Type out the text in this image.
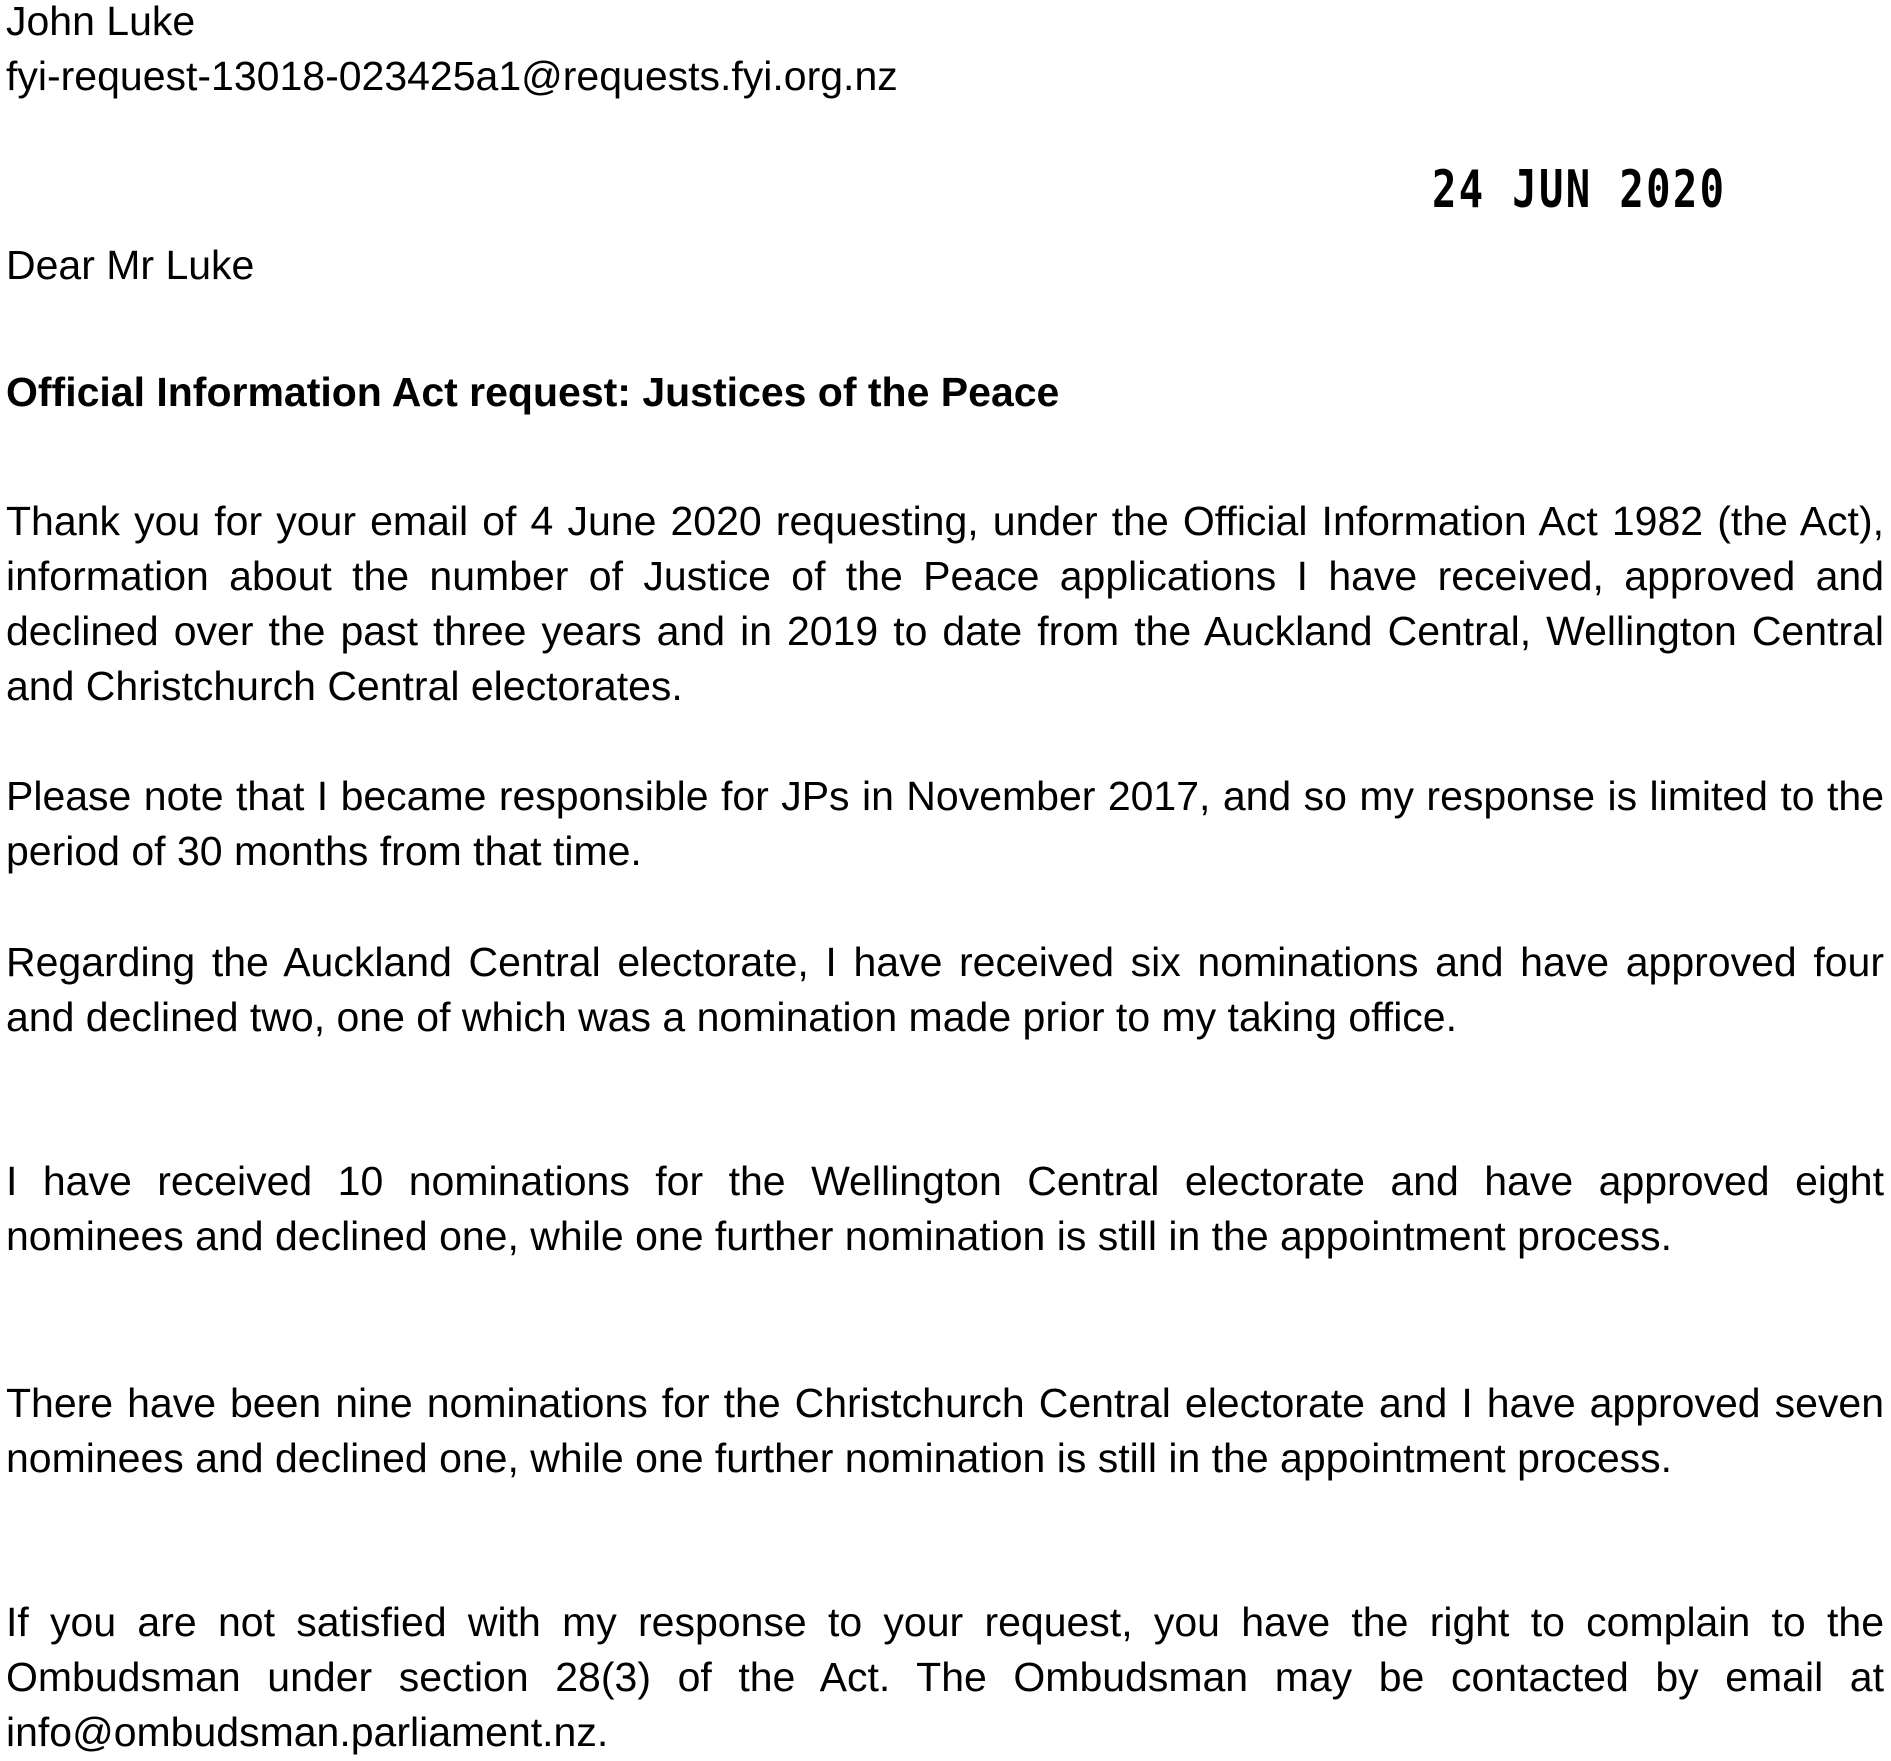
John Luke
fyi-request-13018-023425a1@requests.fyi.org.nz
24 JUN 2020
Dear Mr Luke
Official Information Act request: Justices of the Peace

Thank you for your email of 4 June 2020 requesting, under the Official Information Act 1982 (the Act), information about the number of Justice of the Peace applications I have received, approved and declined over the past three years and in 2019 to date from the Auckland Central, Wellington Central and Christchurch Central electorates.

Please note that I became responsible for JPs in November 2017, and so my response is limited to the period of 30 months from that time.

Regarding the Auckland Central electorate, I have received six nominations and have approved four and declined two, one of which was a nomination made prior to my taking office.

I have received 10 nominations for the Wellington Central electorate and have approved eight nominees and declined one, while one further nomination is still in the appointment process.

There have been nine nominations for the Christchurch Central electorate and I have approved seven nominees and declined one, while one further nomination is still in the appointment process.

If you are not satisfied with my response to your request, you have the right to complain to the Ombudsman under section 28(3) of the Act. The Ombudsman may be contacted by email at info@ombudsman.parliament.nz.
